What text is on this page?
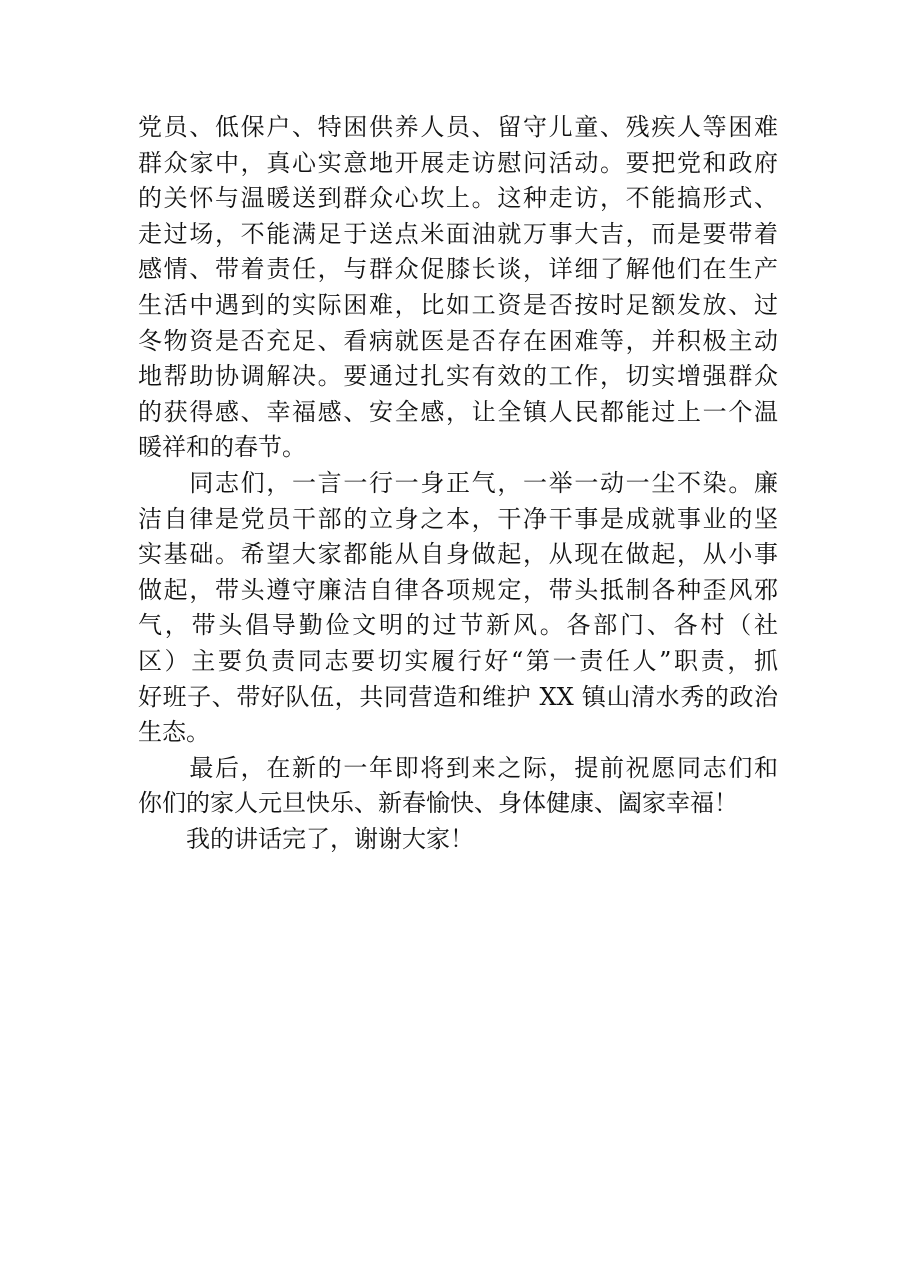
党员、低保户、特困供养人员、留守儿童、残疾人等困难
群众家中，真心实意地开展走访慰问活动。要把党和政府
的关怀与温暖送到群众心坎上。这种走访，不能搞形式、
走过场，不能满足于送点米面油就万事大吉，而是要带着
感情、带着责任，与群众促膝长谈，详细了解他们在生产
生活中遇到的实际困难，比如工资是否按时足额发放、过
冬物资是否充足、看病就医是否存在困难等，并积极主动
地帮助协调解决。要通过扎实有效的工作，切实增强群众
的获得感、幸福感、安全感，让全镇人民都能过上一个温
暖祥和的春节。
　　同志们，一言一行一身正气，一举一动一尘不染。廉
洁自律是党员干部的立身之本，干净干事是成就事业的坚
实基础。希望大家都能从自身做起，从现在做起，从小事
做起，带头遵守廉洁自律各项规定，带头抵制各种歪风邪
气，带头倡导勤俭文明的过节新风。各部门、各村（社
区）主要负责同志要切实履行好“第一责任人”职责，抓
好班子、带好队伍，共同营造和维护 XX 镇山清水秀的政治
生态。
　　最后，在新的一年即将到来之际，提前祝愿同志们和
你们的家人元旦快乐、新春愉快、身体健康、阖家幸福！
　　我的讲话完了，谢谢大家！
